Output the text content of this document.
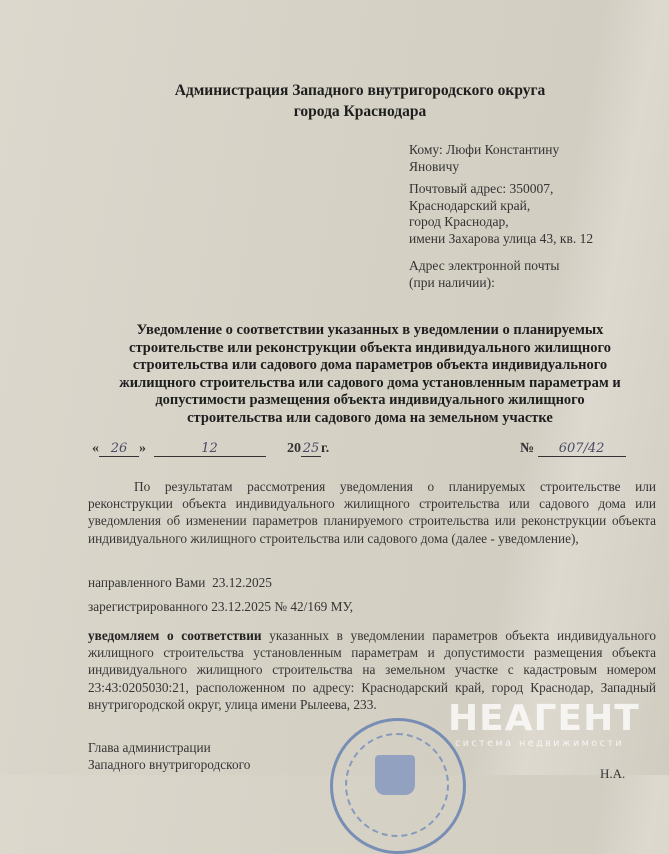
Администрация Западного внутригородского округа
города Краснодара
Кому: Люфи Константину
Яновичу
Почтовый адрес: 350007,
Краснодарский край,
город Краснодар,
имени Захарова улица 43, кв. 12
Адрес электронной почты
(при наличии):
Уведомление о соответствии указанных в уведомлении о планируемых
строительстве или реконструкции объекта индивидуального жилищного
строительства или садового дома параметров объекта индивидуального
жилищного строительства или садового дома установленным параметрам и
допустимости размещения объекта индивидуального жилищного
строительства или садового дома на земельном участке
« 26 »	12	20 25 г.	№ 607/42
По результатам рассмотрения уведомления о планируемых строительстве или реконструкции объекта индивидуального жилищного строительства или садового дома или уведомления об изменении параметров планируемого строительства или реконструкции объекта индивидуального жилищного строительства или садового дома (далее - уведомление),
направленного Вами  23.12.2025
зарегистрированного 23.12.2025 № 42/169 МУ,
уведомляем о соответствии указанных в уведомлении параметров объекта индивидуального жилищного строительства установленным параметрам и допустимости размещения объекта индивидуального жилищного строительства на земельном участке с кадастровым номером 23:43:0205030:21, расположенном по адресу: Краснодарский край, город Краснодар, Западный внутригородской округ, улица имени Рылеева, 233.
Глава администрации
Западного внутригородского
НЕАГЕНТ
система недвижимости
Н.А.
